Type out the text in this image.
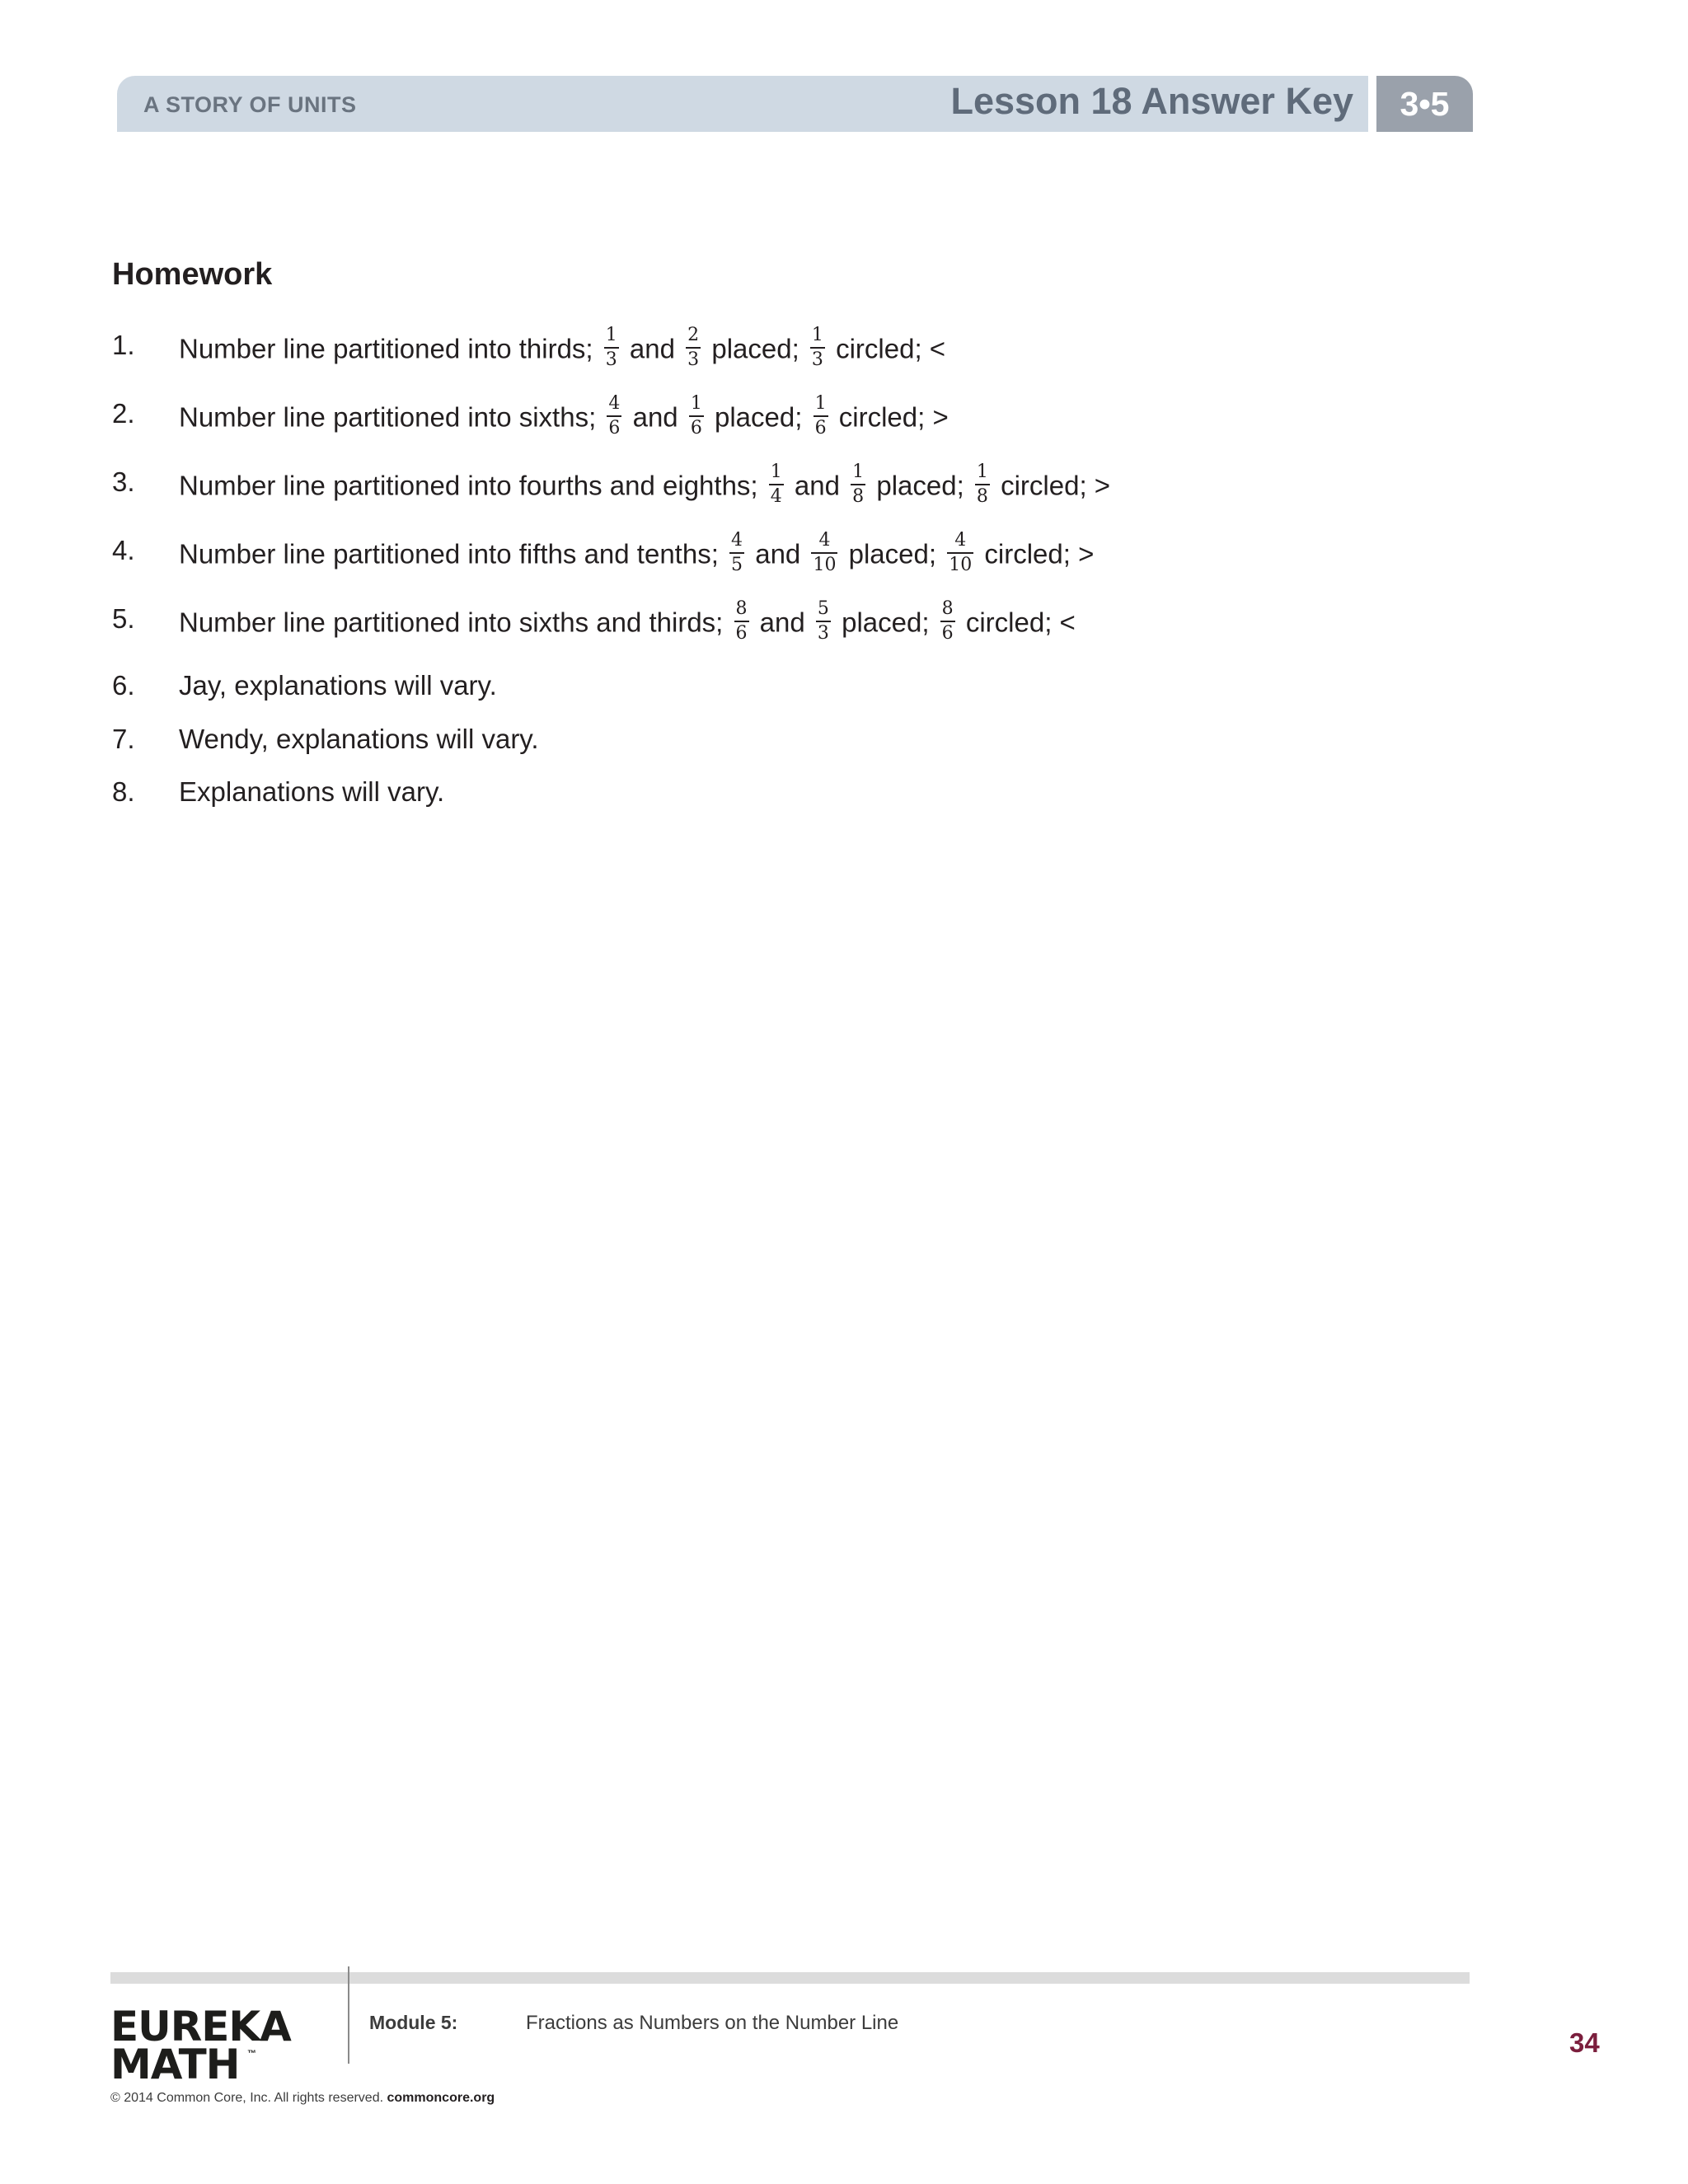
A STORY OF UNITS	Lesson 18 Answer Key	3•5
Homework
1. Number line partitioned into thirds; $\frac{1}{3}$ and $\frac{2}{3}$ placed; $\frac{1}{3}$ circled; <
2. Number line partitioned into sixths; $\frac{4}{6}$ and $\frac{1}{6}$ placed; $\frac{1}{6}$ circled; >
3. Number line partitioned into fourths and eighths; $\frac{1}{4}$ and $\frac{1}{8}$ placed; $\frac{1}{8}$ circled; >
4. Number line partitioned into fifths and tenths; $\frac{4}{5}$ and $\frac{4}{10}$ placed; $\frac{4}{10}$ circled; >
5. Number line partitioned into sixths and thirds; $\frac{8}{6}$ and $\frac{5}{3}$ placed; $\frac{8}{6}$ circled; <
6. Jay, explanations will vary.
7. Wendy, explanations will vary.
8. Explanations will vary.
EUREKA
MATH ™
Module 5:	Fractions as Numbers on the Number Line
34
© 2014 Common Core, Inc. All rights reserved. commoncore.org
